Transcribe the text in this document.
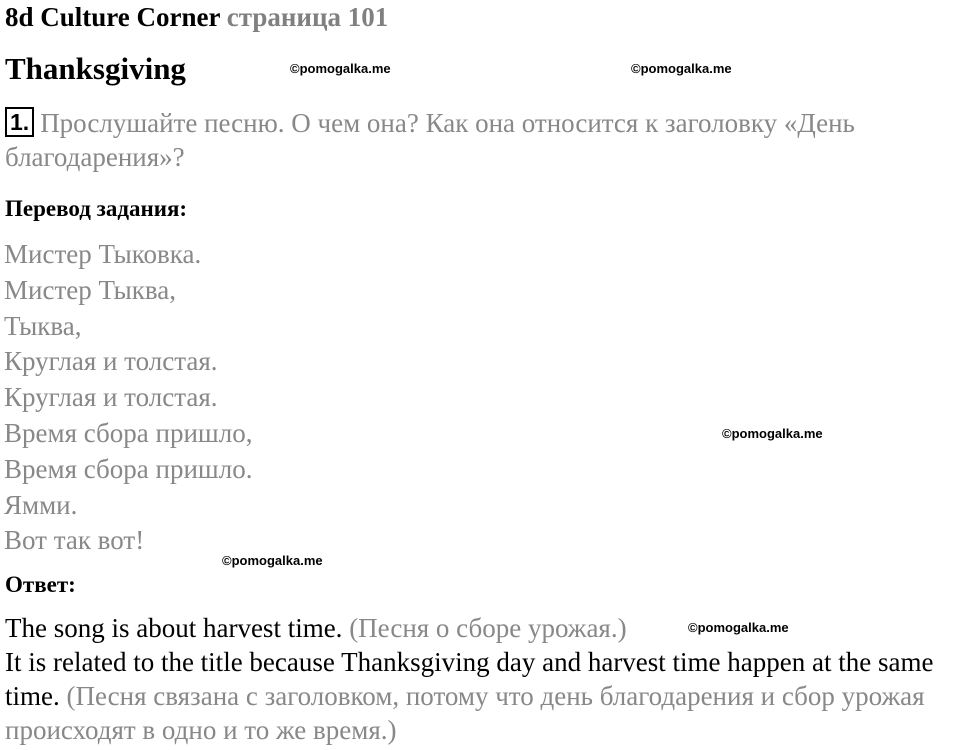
8d Culture Corner страница 101
Thanksgiving	©pomogalka.me	©pomogalka.me
1. Прослушайте песню. О чем она? Как она относится к заголовку «День благодарения»?
Перевод задания:
Мистер Тыковка.
Мистер Тыква,
Тыква,
Круглая и толстая.
Круглая и толстая.
Время сбора пришло,
Время сбора пришло.
Ямми.
Вот так вот!
©pomogalka.me
©pomogalka.me
Ответ:
The song is about harvest time. (Песня о сборе урожая.)
It is related to the title because Thanksgiving day and harvest time happen at the same time. (Песня связана с заголовком, потому что день благодарения и сбор урожая происходят в одно и то же время.)
©pomogalka.me
